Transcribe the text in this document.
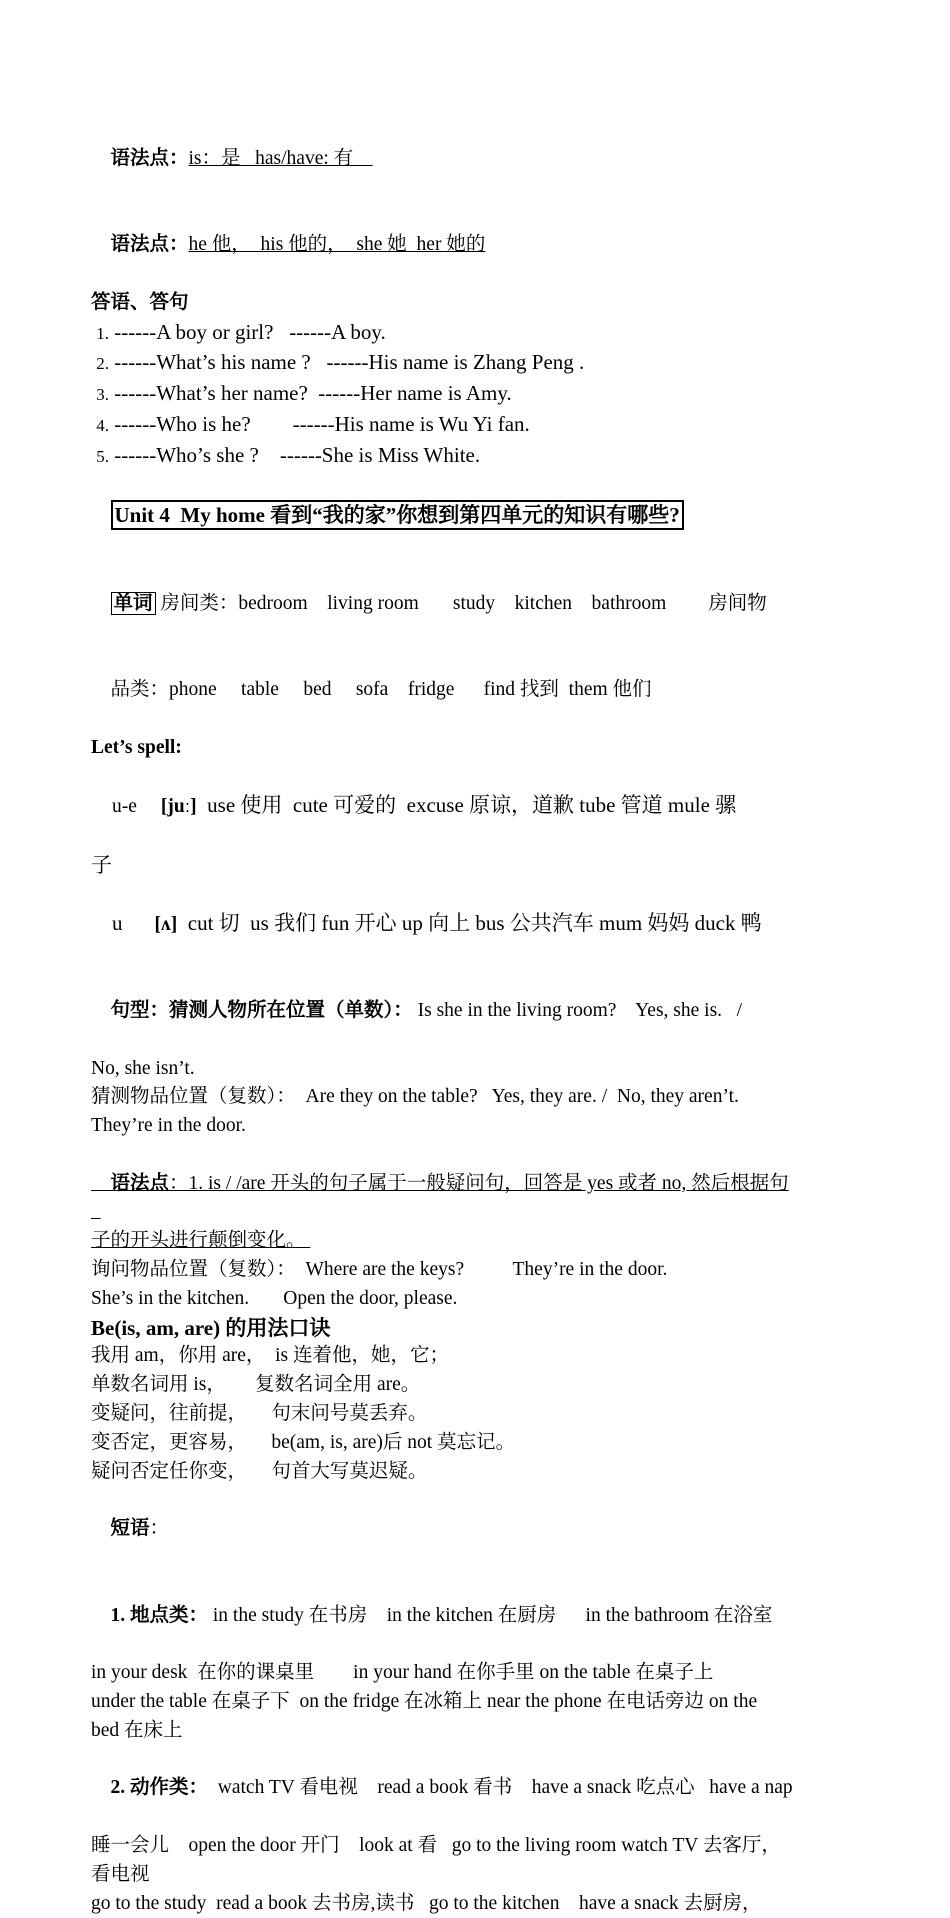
语法点：is：是   has/have: 有

语法点：he 他，  his 他的，  she 她  her 她的

答语、答句
1. ------A boy or girl?   ------A boy.
2. ------What’s his name ?   ------His name is Zhang Peng .
3. ------What’s her name?  ------Her name is Amy.
4. ------Who is he?        ------His name is Wu Yi fan.
5. ------Who’s she ?    ------She is Miss White.

Unit 4  My home 看到“我的家”你想到第四单元的知识有哪些?

单词 房间类：bedroom    living room       study    kitchen    bathroom 房间物

品类：phone     table     bed     sofa    fridge      find 找到  them 他们

Let’s spell:

u-e [juː] use 使用  cute 可爱的  excuse 原谅，道歉 tube 管道 mule 骡

子

u [ʌ] cut 切  us 我们 fun 开心 up 向上 bus 公共汽车 mum 妈妈 duck 鸭

句型：猜测人物所在位置（单数）： Is she in the living room?    Yes, she is.   /

No, she isn’t.
猜测物品位置（复数）：  Are they on the table?   Yes, they are. /  No, they aren’t.
They’re in the door.

语法点：1. is / /are 开头的句子属于一般疑问句，回答是 yes 或者 no, 然后根据句

子的开头进行颠倒变化。
询问物品位置（复数）：  Where are the keys?          They’re in the door.
She’s in the kitchen.       Open the door, please.
Be(is, am, are) 的用法口诀
我用 am，你用 are，  is 连着他，她，它；
单数名词用 is，      复数名词全用 are。
变疑问，往前提，     句末问号莫丢弃。
变否定，更容易，     be(am, is, are)后 not 莫忘记。
疑问否定任你变，     句首大写莫迟疑。

短语：

1. 地点类： in the study 在书房    in the kitchen 在厨房      in the bathroom 在浴室

in your desk  在你的课桌里        in your hand 在你手里 on the table 在桌子上
under the table 在桌子下  on the fridge 在冰箱上 near the phone 在电话旁边 on the
bed 在床上

2. 动作类：  watch TV 看电视    read a book 看书    have a snack 吃点心   have a nap

睡一会儿    open the door 开门    look at 看   go to the living room watch TV 去客厅，
看电视
go to the study  read a book 去书房,读书   go to the kitchen    have a snack 去厨房，
